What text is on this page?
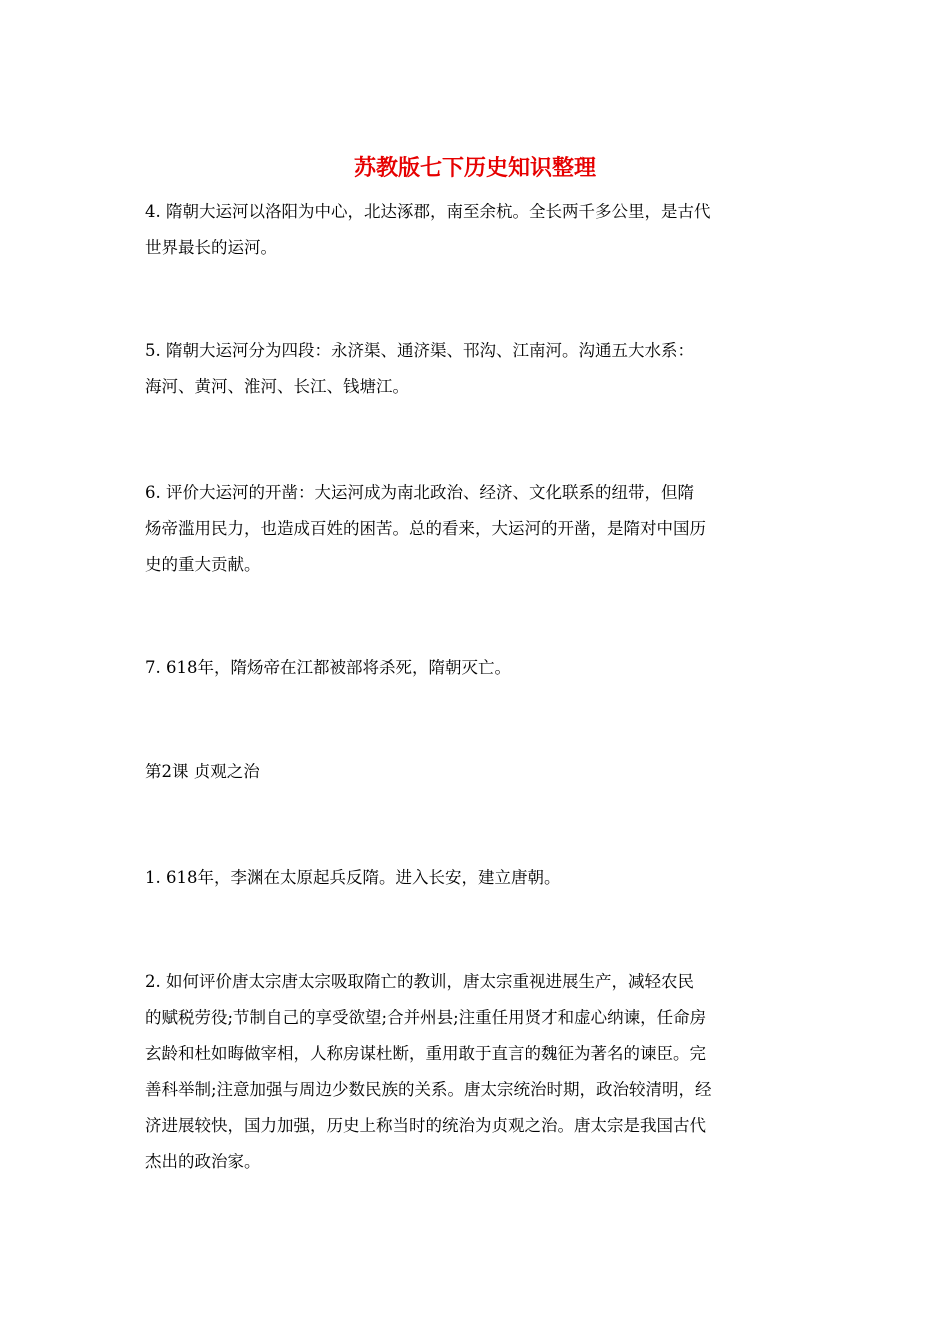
苏教版七下历史知识整理

4. 隋朝大运河以洛阳为中心，北达涿郡，南至余杭。全长两千多公里，是古代
世界最长的运河。

5. 隋朝大运河分为四段：永济渠、通济渠、邗沟、江南河。沟通五大水系：
海河、黄河、淮河、长江、钱塘江。

6. 评价大运河的开凿：大运河成为南北政治、经济、文化联系的纽带，但隋
炀帝滥用民力，也造成百姓的困苦。总的看来，大运河的开凿，是隋对中国历
史的重大贡献。

7. 618年，隋炀帝在江都被部将杀死，隋朝灭亡。

第2课 贞观之治

1. 618年，李渊在太原起兵反隋。进入长安，建立唐朝。

2. 如何评价唐太宗唐太宗吸取隋亡的教训，唐太宗重视进展生产，减轻农民
的赋税劳役;节制自己的享受欲望;合并州县;注重任用贤才和虚心纳谏，任命房
玄龄和杜如晦做宰相，人称房谋杜断，重用敢于直言的魏征为著名的谏臣。完
善科举制;注意加强与周边少数民族的关系。唐太宗统治时期，政治较清明，经
济进展较快，国力加强，历史上称当时的统治为贞观之治。唐太宗是我国古代
杰出的政治家。
